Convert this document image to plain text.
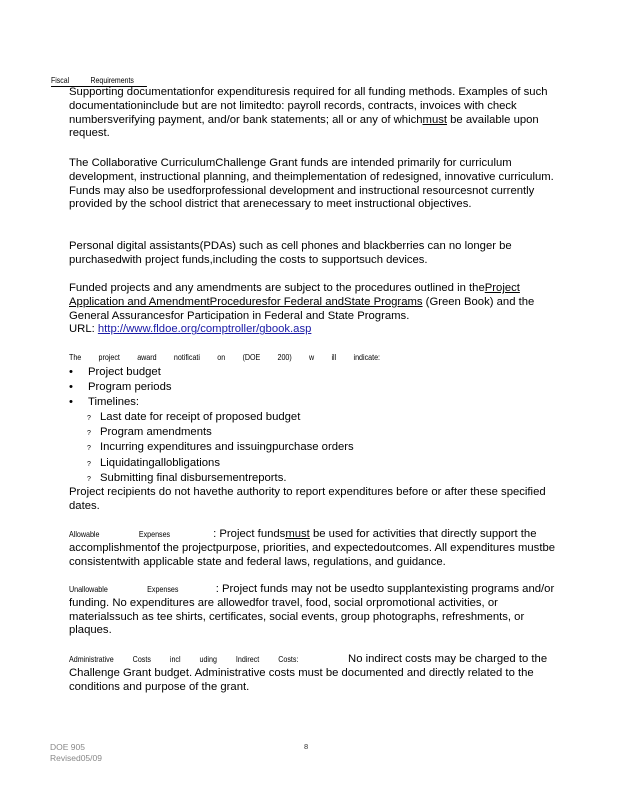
Fiscal	Requirements

Supporting documentationfor expendituresis required for all funding methods. Examples of such documentationinclude but are not limitedto: payroll records, contracts, invoices with check numbersverifying payment, and/or bank statements; all or any of whichmust be available upon request.

The Collaborative CurriculumChallenge Grant funds are intended primarily for curriculum development, instructional planning, and theimplementation of redesigned, innovative curriculum. Funds may also be usedforprofessional development and instructional resourcesnot currently provided by the school district that arenecessary to meet instructional objectives.

Personal digital assistants(PDAs) such as cell phones and blackberries can no longer be purchasedwith project funds,including the costs to supportsuch devices.

Funded projects and any amendments are subject to the procedures outlined in theProject Application and AmendmentProceduresfor Federal andState Programs (Green Book) and the General Assurancesfor Participation in Federal and State Programs.
URL: http://www.fldoe.org/comptroller/gbook.asp

The project award notificati on (DOE 200) w ill indicate:
• Project budget
• Program periods
• Timelines:
? Last date for receipt of proposed budget
? Program amendments
? Incurring expenditures and issuingpurchase orders
? Liquidatingallobligations
? Submitting final disbursementreports.

Project recipients do not havethe authority to report expenditures before or after these specified dates.

Allowable Expenses	: Project fundsmust be used for activities that directly support the accomplishmentof the projectpurpose, priorities, and expectedoutcomes. All expenditures mustbe consistentwith applicable state and federal laws, regulations, and guidance.

Unallowable Expenses	: Project funds may not be usedto supplantexisting programs and/or funding. No expenditures are allowedfor travel, food, social orpromotional activities, or materialssuch as tee shirts, certificates, social events, group photographs, refreshments, or plaques.

Administrative Costs incl uding Indirect Costs:	No indirect costs may be charged to the Challenge Grant budget. Administrative costs must be documented and directly related to the conditions and purpose of the grant.

DOE 905
Revised05/09
8
